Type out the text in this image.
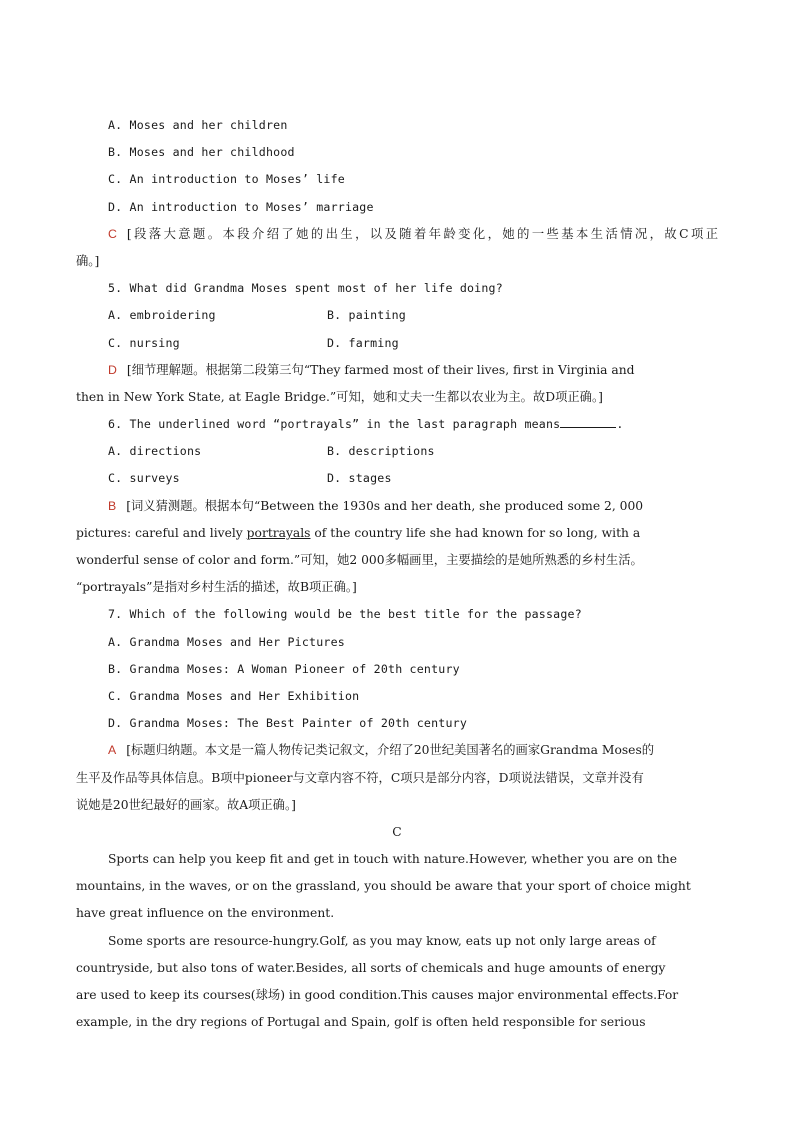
A. Moses and her children
B. Moses and her childhood
C. An introduction to Moses’ life
D. An introduction to Moses’ marriage
C [段落大意题。本段介绍了她的出生，以及随着年龄变化，她的一些基本生活情况，故C项正
确。]
5. What did Grandma Moses spent most of her life doing?
A. embroidering	B. painting
C. nursing	D. farming
D [细节理解题。根据第二段第三句“They farmed most of their lives, first in Virginia and
then in New York State, at Eagle Bridge.”可知，她和丈夫一生都以农业为主。故D项正确。]
6. The underlined word “portrayals” in the last paragraph means	.
A. directions	B. descriptions
C. surveys	D. stages
B [词义猜测题。根据本句“Between the 1930s and her death, she produced some 2, 000
pictures: careful and lively portrayals of the country life she had known for so long, with a
wonderful sense of color and form.”可知，她2 000多幅画里，主要描绘的是她所熟悉的乡村生活。
“portrayals”是指对乡村生活的描述，故B项正确。]
7. Which of the following would be the best title for the passage?
A. Grandma Moses and Her Pictures
B. Grandma Moses: A Woman Pioneer of 20th century
C. Grandma Moses and Her Exhibition
D. Grandma Moses: The Best Painter of 20th century
A [标题归纳题。本文是一篇人物传记类记叙文，介绍了20世纪美国著名的画家Grandma Moses的
生平及作品等具体信息。B项中pioneer与文章内容不符，C项只是部分内容，D项说法错误，文章并没有
说她是20世纪最好的画家。故A项正确。]
C
Sports can help you keep fit and get in touch with nature.However, whether you are on the
mountains, in the waves, or on the grassland, you should be aware that your sport of choice might
have great influence on the environment.
Some sports are resource-hungry.Golf, as you may know, eats up not only large areas of
countryside, but also tons of water.Besides, all sorts of chemicals and huge amounts of energy
are used to keep its courses(球场) in good condition.This causes major environmental effects.For
example, in the dry regions of Portugal and Spain, golf is often held responsible for serious
